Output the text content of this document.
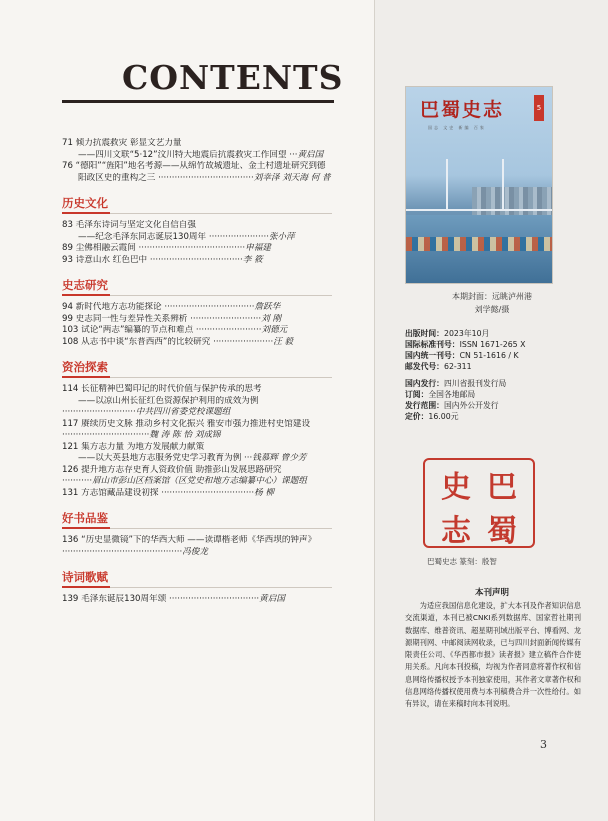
CONTENTS
71 倾力抗震救灾 彰显文艺力量
——四川文联“5·12”汶川特大地震后抗震救灾工作回望 ···黄启国
76 “德阳”“旌阳”地名考源——从绵竹故城遗址、金土村遗址研究到德
阳政区史的重构之三 ···································刘幸泽 刘天海 何 普
历史文化
83 毛泽东诗词与坚定文化自信自强
——纪念毛泽东同志诞辰130周年 ······················张小萍
89 尘佛相融云霞间 ·······································申福建
93 诗意山水 红色巴中 ··································李 筱
史志研究
94 新时代地方志功能探论 ·································詹跃华
99 史志同一性与差异性关系辨析 ··························刘 刚
103 试论“两志”编纂的节点和难点 ························刘德元
108 从志书中谈“东普西西”的比较研究 ······················汪 毅
资治探索
114 长征精神巴蜀印记的时代价值与保护传承的思考
——以凉山州长征红色资源保护利用的成效为例
···························中共四川省委党校课题组
117 赓续历史文脉 推动乡村文化振兴 雅安市强力推进村史馆建设
································魏 涛 陈 怡 刘成锦
121 集方志力量 为地方发展献力献策
——以大英县地方志服务党史学习教育为例 ···钱慕辉 曾少芳
126 提升地方志存史育人资政价值 助推彭山发展思路研究
···········眉山市彭山区档案馆（区党史和地方志编纂中心）课题组
131 方志馆藏品建设初探 ··································杨 柳
好书品鉴
136 “历史显微镜”下的华西大师 ——读谭楷老师《华西坝的钟声》
············································冯俊龙
诗词歌赋
139 毛泽东诞辰130周年颂 ·································黄启国
巴蜀史志	5
国志 文史 新编 百家
本期封面：远眺泸州港
刘学懿/摄
出版时间：2023年10月
国际标准刊号：ISSN 1671-265 X
国内统一刊号：CN 51-1616 / K
邮发代号：62-311
国内发行：四川省报刊发行局
订阅：全国各地邮局
发行范围：国内外公开发行
定价：16.00元
巴
蜀
史
志
巴蜀史志 篆刻：殷智
本刊声明
为适应我国信息化建设，扩大本刊及作者知识信息交流渠道，本刊已被CNKI系列数据库、国家哲社期刊数据库、维普资讯、超星期刊域出版平台、博看网、龙源期刊网、中邮阅读网收录，已与四川封面新闻传媒有限责任公司、《华西都市报》读者报》建立稿件合作使用关系。凡向本刊投稿，均视为作者同意将著作权和信息网络传播权授予本刊独家使用，其作者文章著作权和信息网络传播权使用费与本刊稿费合并一次性给付。如有异议，请在来稿时向本刊说明。
3
